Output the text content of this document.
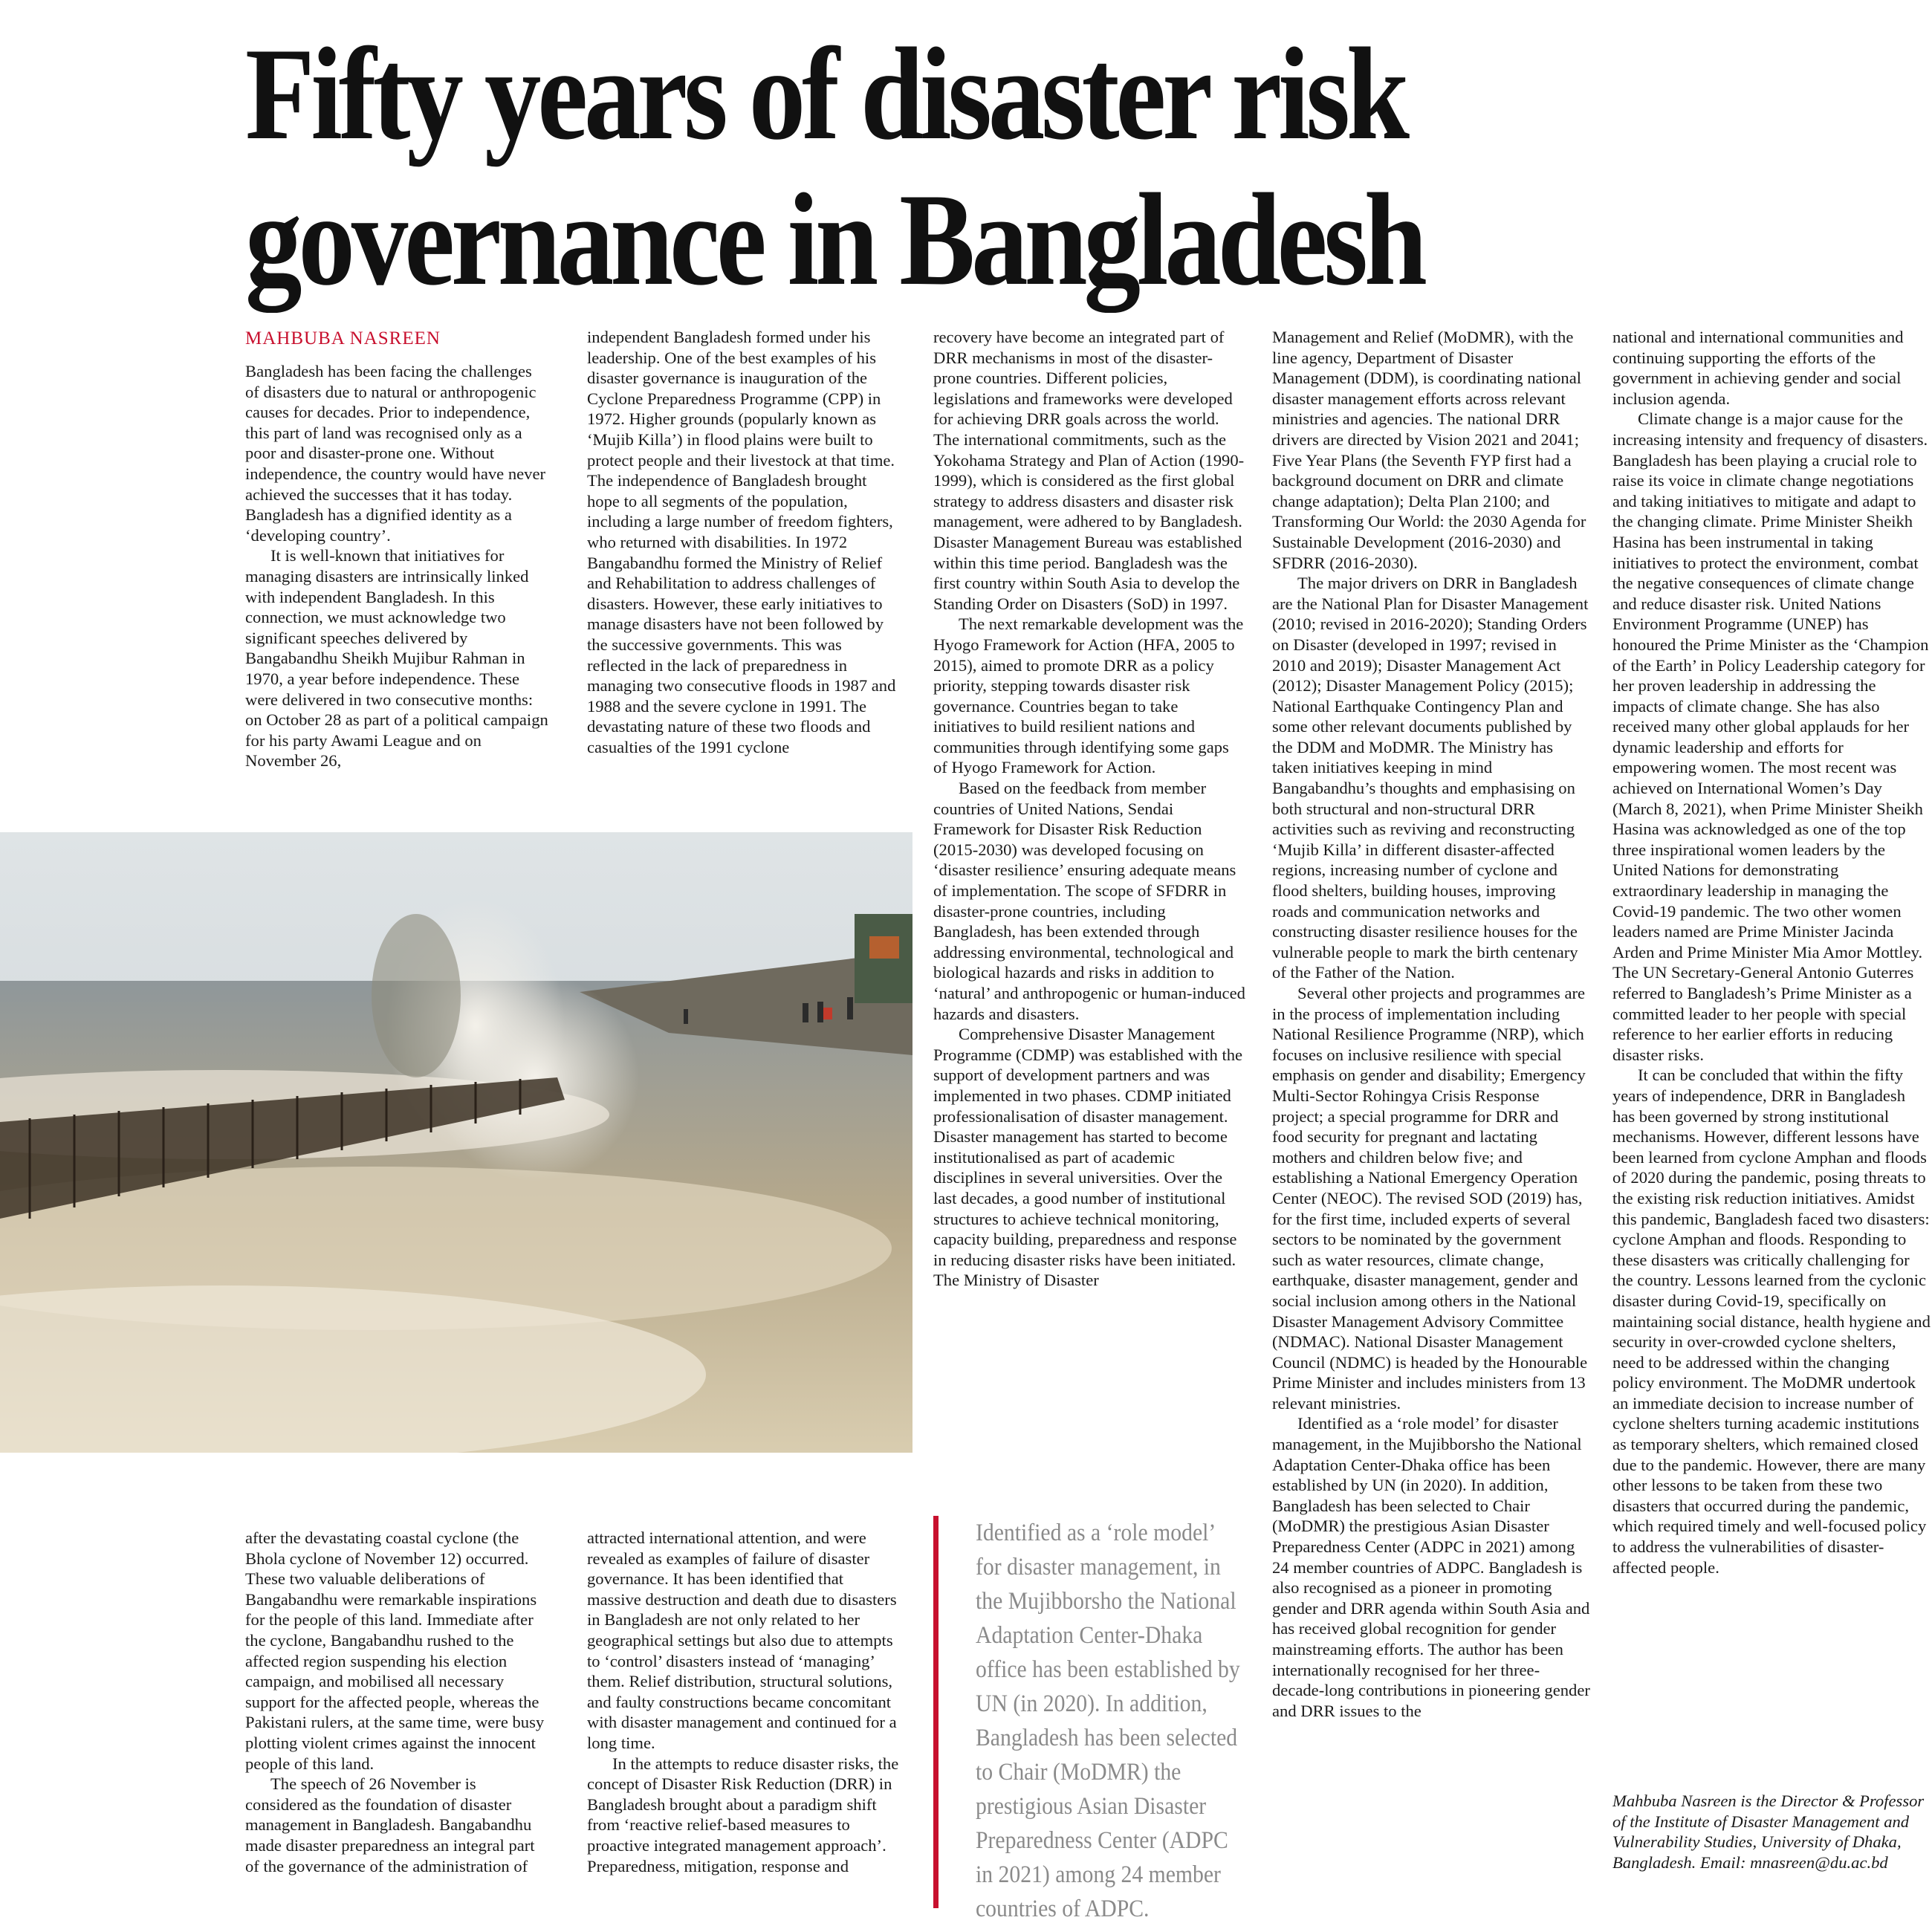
Fifty years of disaster risk governance in Bangladesh
MAHBUBA NASREEN

Bangladesh has been facing the challenges of disasters due to natural or anthropogenic causes for decades. Prior to independence, this part of land was recognised only as a poor and disaster-prone one. Without independence, the country would have never achieved the successes that it has today. Bangladesh has a dignified identity as a ‘developing country’.

It is well-known that initiatives for managing disasters are intrinsically linked with independent Bangladesh. In this connection, we must acknowledge two significant speeches delivered by Bangabandhu Sheikh Mujibur Rahman in 1970, a year before independence. These were delivered in two consecutive months: on October 28 as part of a political campaign for his party Awami League and on November 26,

independent Bangladesh formed under his leadership. One of the best examples of his disaster governance is inauguration of the Cyclone Preparedness Programme (CPP) in 1972. Higher grounds (popularly known as ‘Mujib Killa’) in flood plains were built to protect people and their livestock at that time. The independence of Bangladesh brought hope to all segments of the population, including a large number of freedom fighters, who returned with disabilities. In 1972 Bangabandhu formed the Ministry of Relief and Rehabilitation to address challenges of disasters. However, these early initiatives to manage disasters have not been followed by the successive governments. This was reflected in the lack of preparedness in managing two consecutive floods in 1987 and 1988 and the severe cyclone in 1991. The devastating nature of these two floods and casualties of the 1991 cyclone

recovery have become an integrated part of DRR mechanisms in most of the disaster-prone countries. Different policies, legislations and frameworks were developed for achieving DRR goals across the world. The international commitments, such as the Yokohama Strategy and Plan of Action (1990-1999), which is considered as the first global strategy to address disasters and disaster risk management, were adhered to by Bangladesh. Disaster Management Bureau was established within this time period. Bangladesh was the first country within South Asia to develop the Standing Order on Disasters (SoD) in 1997.

The next remarkable development was the Hyogo Framework for Action (HFA, 2005 to 2015), aimed to promote DRR as a policy priority, stepping towards disaster risk governance. Countries began to take initiatives to build resilient nations and communities through identifying some gaps of Hyogo Framework for Action.

Based on the feedback from member countries of United Nations, Sendai Framework for Disaster Risk Reduction (2015-2030) was developed focusing on ‘disaster resilience’ ensuring adequate means of implementation. The scope of SFDRR in disaster-prone countries, including Bangladesh, has been extended through addressing environmental, technological and biological hazards and risks in addition to ‘natural’ and anthropogenic or human-induced hazards and disasters.

Comprehensive Disaster Management Programme (CDMP) was established with the support of development partners and was implemented in two phases. CDMP initiated professionalisation of disaster management. Disaster management has started to become institutionalised as part of academic disciplines in several universities. Over the last decades, a good number of institutional structures to achieve technical monitoring, capacity building, preparedness and response in reducing disaster risks have been initiated. The Ministry of Disaster

Management and Relief (MoDMR), with the line agency, Department of Disaster Management (DDM), is coordinating national disaster management efforts across relevant ministries and agencies. The national DRR drivers are directed by Vision 2021 and 2041; Five Year Plans (the Seventh FYP first had a background document on DRR and climate change adaptation); Delta Plan 2100; and Transforming Our World: the 2030 Agenda for Sustainable Development (2016-2030) and SFDRR (2016-2030).

The major drivers on DRR in Bangladesh are the National Plan for Disaster Management (2010; revised in 2016-2020); Standing Orders on Disaster (developed in 1997; revised in 2010 and 2019); Disaster Management Act (2012); Disaster Management Policy (2015); National Earthquake Contingency Plan and some other relevant documents published by the DDM and MoDMR. The Ministry has taken initiatives keeping in mind Bangabandhu’s thoughts and emphasising on both structural and non-structural DRR activities such as reviving and reconstructing ‘Mujib Killa’ in different disaster-affected regions, increasing number of cyclone and flood shelters, building houses, improving roads and communication networks and constructing disaster resilience houses for the vulnerable people to mark the birth centenary of the Father of the Nation.

Several other projects and programmes are in the process of implementation including National Resilience Programme (NRP), which focuses on inclusive resilience with special emphasis on gender and disability; Emergency Multi-Sector Rohingya Crisis Response project; a special programme for DRR and food security for pregnant and lactating mothers and children below five; and establishing a National Emergency Operation Center (NEOC). The revised SOD (2019) has, for the first time, included experts of several sectors to be nominated by the government such as water resources, climate change, earthquake, disaster management, gender and social inclusion among others in the National Disaster Management Advisory Committee (NDMAC). National Disaster Management Council (NDMC) is headed by the Honourable Prime Minister and includes ministers from 13 relevant ministries.

Identified as a ‘role model’ for disaster management, in the Mujibborsho the National Adaptation Center-Dhaka office has been established by UN (in 2020). In addition, Bangladesh has been selected to Chair (MoDMR) the prestigious Asian Disaster Preparedness Center (ADPC in 2021) among 24 member countries of ADPC. Bangladesh is also recognised as a pioneer in promoting gender and DRR agenda within South Asia and has received global recognition for gender mainstreaming efforts. The author has been internationally recognised for her three-decade-long contributions in pioneering gender and DRR issues to the

national and international communities and continuing supporting the efforts of the government in achieving gender and social inclusion agenda.

Climate change is a major cause for the increasing intensity and frequency of disasters. Bangladesh has been playing a crucial role to raise its voice in climate change negotiations and taking initiatives to mitigate and adapt to the changing climate. Prime Minister Sheikh Hasina has been instrumental in taking initiatives to protect the environment, combat the negative consequences of climate change and reduce disaster risk. United Nations Environment Programme (UNEP) has honoured the Prime Minister as the ‘Champion of the Earth’ in Policy Leadership category for her proven leadership in addressing the impacts of climate change. She has also received many other global applauds for her dynamic leadership and efforts for empowering women. The most recent was achieved on International Women’s Day (March 8, 2021), when Prime Minister Sheikh Hasina was acknowledged as one of the top three inspirational women leaders by the United Nations for demonstrating extraordinary leadership in managing the Covid-19 pandemic. The two other women leaders named are Prime Minister Jacinda Arden and Prime Minister Mia Amor Mottley. The UN Secretary-General Antonio Guterres referred to Bangladesh’s Prime Minister as a committed leader to her people with special reference to her earlier efforts in reducing disaster risks.

It can be concluded that within the fifty years of independence, DRR in Bangladesh has been governed by strong institutional mechanisms. However, different lessons have been learned from cyclone Amphan and floods of 2020 during the pandemic, posing threats to the existing risk reduction initiatives. Amidst this pandemic, Bangladesh faced two disasters: cyclone Amphan and floods. Responding to these disasters was critically challenging for the country. Lessons learned from the cyclonic disaster during Covid-19, specifically on maintaining social distance, health hygiene and security in over-crowded cyclone shelters, need to be addressed within the changing policy environment. The MoDMR undertook an immediate decision to increase number of cyclone shelters turning academic institutions as temporary shelters, which remained closed due to the pandemic. However, there are many other lessons to be taken from these two disasters that occurred during the pandemic, which required timely and well-focused policy to address the vulnerabilities of disaster-affected people.

Mahbuba Nasreen is the Director & Professor of the Institute of Disaster Management and Vulnerability Studies, University of Dhaka, Bangladesh. Email: mnasreen@du.ac.bd

after the devastating coastal cyclone (the Bhola cyclone of November 12) occurred. These two valuable deliberations of Bangabandhu were remarkable inspirations for the people of this land. Immediate after the cyclone, Bangabandhu rushed to the affected region suspending his election campaign, and mobilised all necessary support for the affected people, whereas the Pakistani rulers, at the same time, were busy plotting violent crimes against the innocent people of this land.

The speech of 26 November is considered as the foundation of disaster management in Bangladesh. Bangabandhu made disaster preparedness an integral part of the governance of the administration of

attracted international attention, and were revealed as examples of failure of disaster governance. It has been identified that massive destruction and death due to disasters in Bangladesh are not only related to her geographical settings but also due to attempts to ‘control’ disasters instead of ‘managing’ them. Relief distribution, structural solutions, and faulty constructions became concomitant with disaster management and continued for a long time.

In the attempts to reduce disaster risks, the concept of Disaster Risk Reduction (DRR) in Bangladesh brought about a paradigm shift from ‘reactive relief-based measures to proactive integrated management approach’. Preparedness, mitigation, response and

Identified as a ‘role model’ for disaster management, in the Mujibborsho the National Adaptation Center-Dhaka office has been established by UN (in 2020). In addition, Bangladesh has been selected to Chair (MoDMR) the prestigious Asian Disaster Preparedness Center (ADPC in 2021) among 24 member countries of ADPC.
